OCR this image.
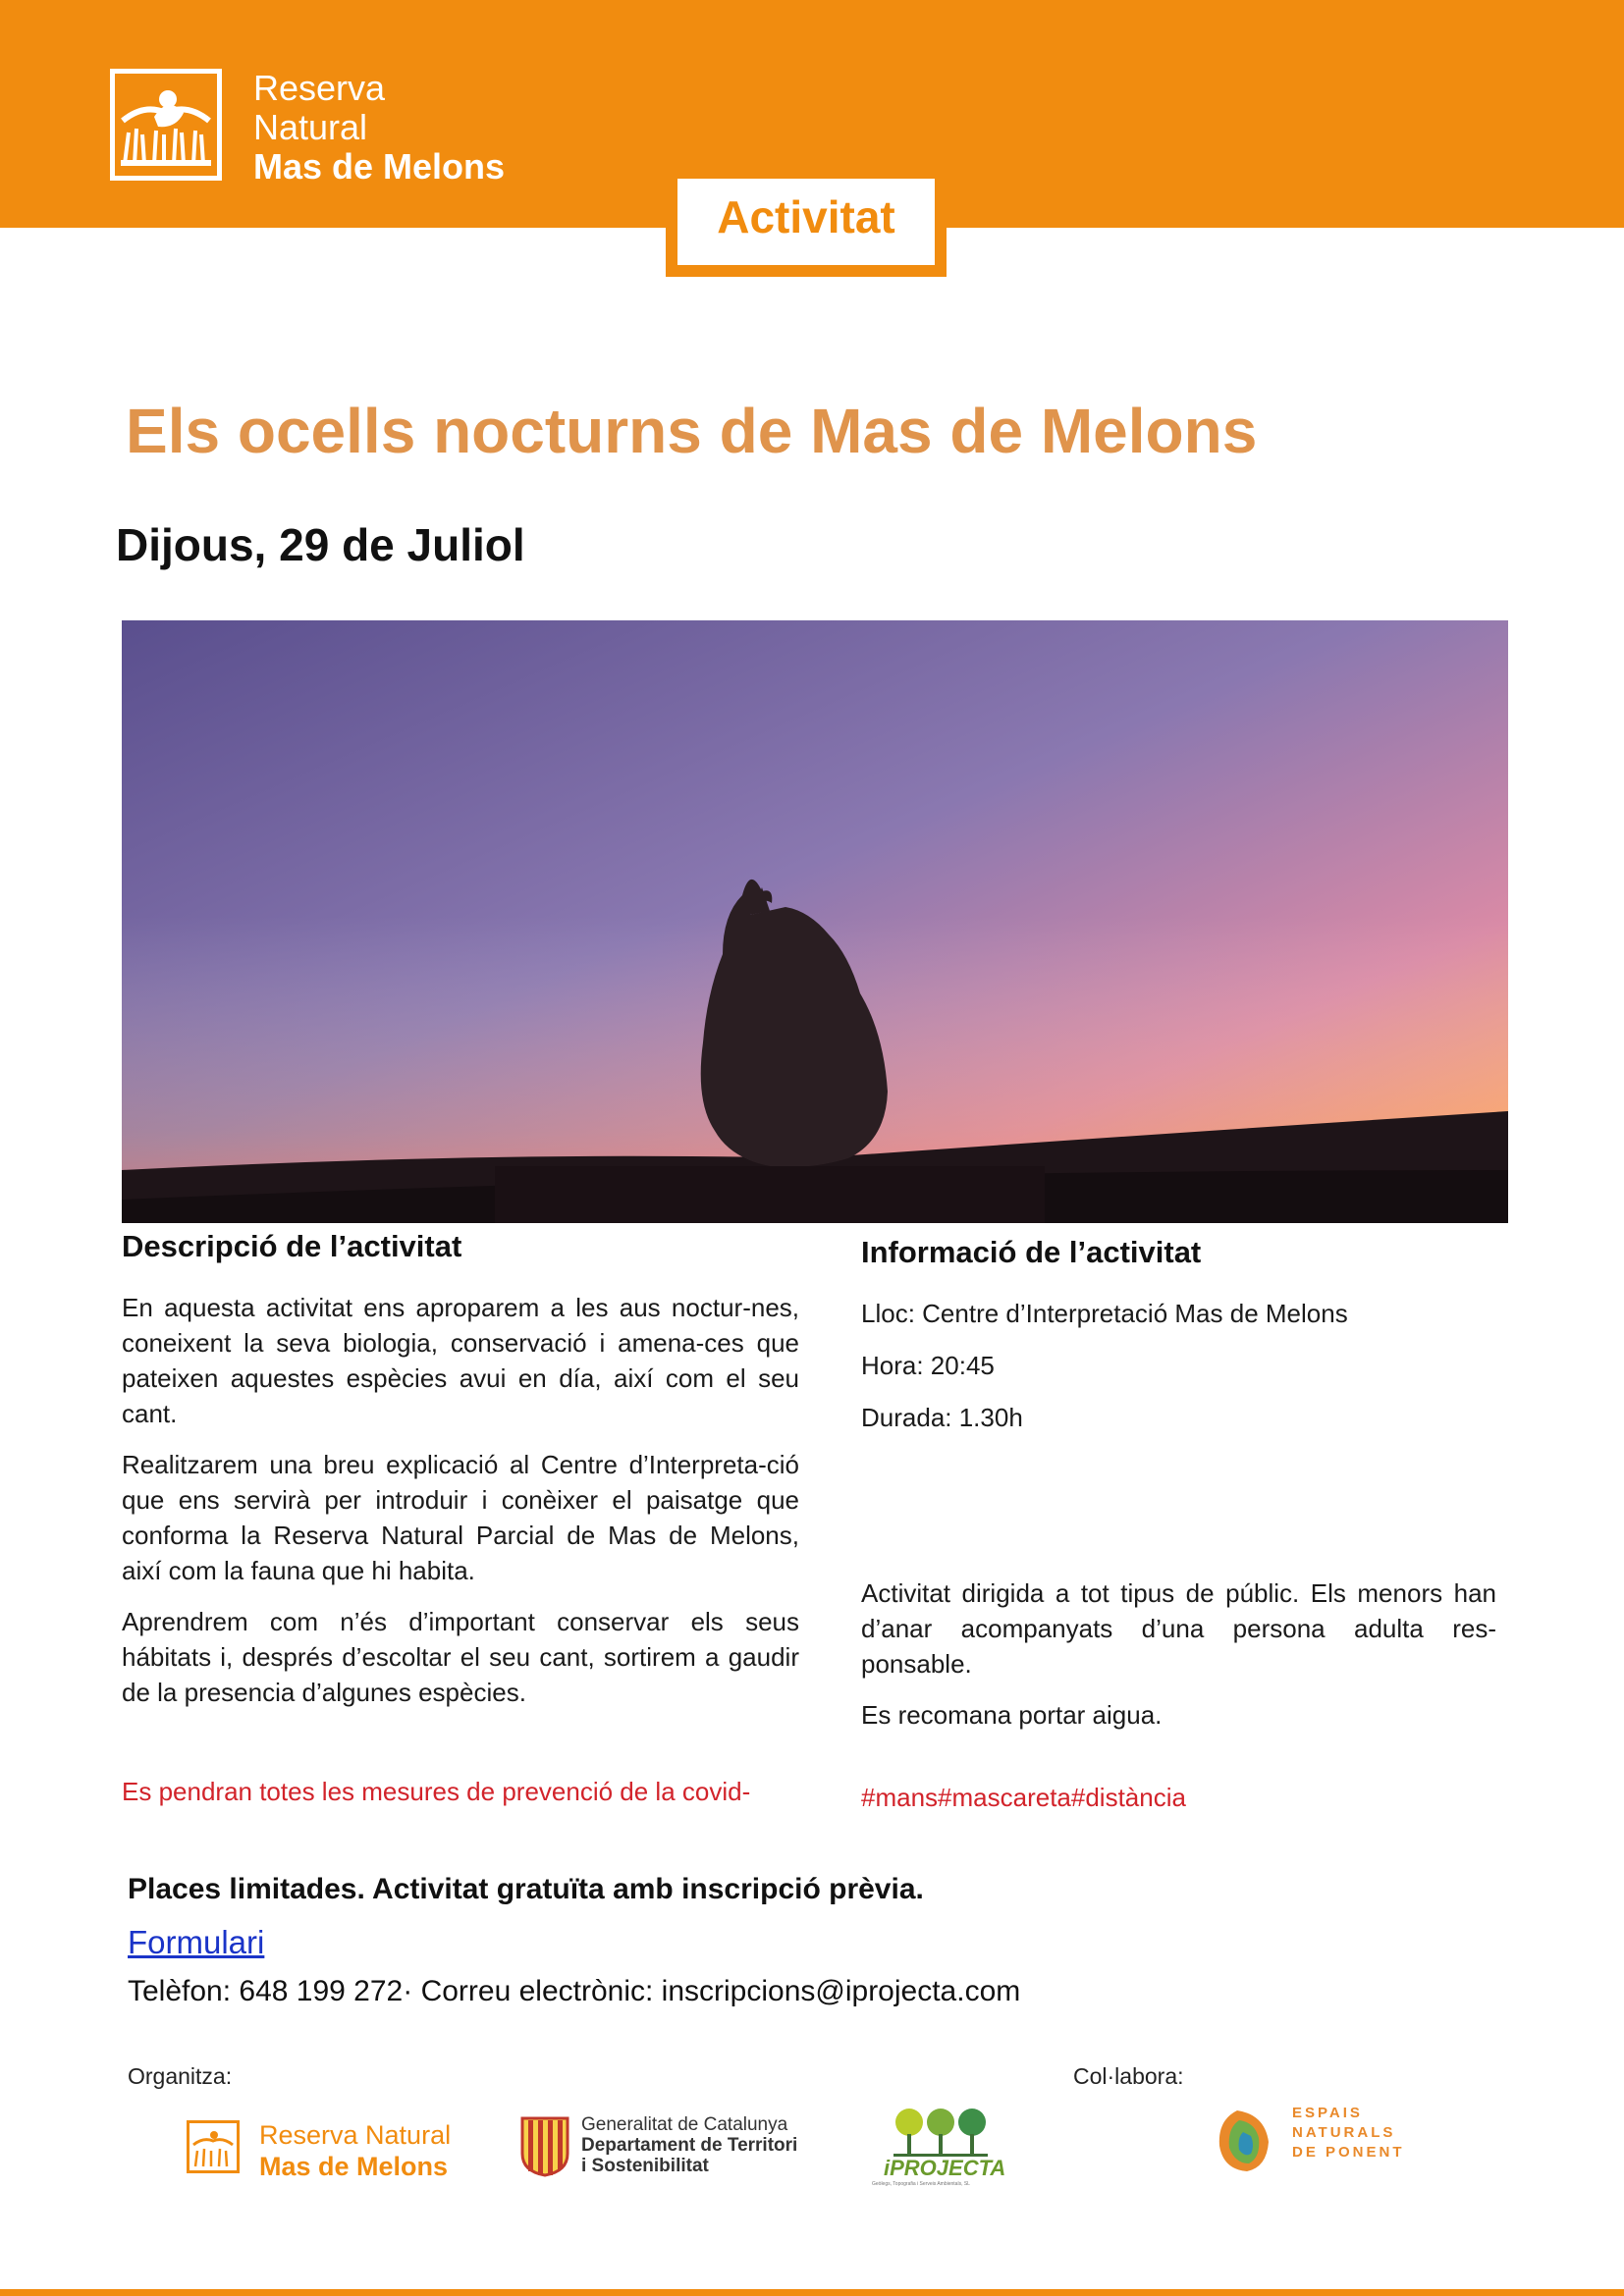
Reserva
Natural
Mas de Melons
Activitat
Els ocells nocturns de Mas de Melons
Dijous, 29 de Juliol
Descripció de l’activitat

En aquesta activitat ens aproparem a les aus noctur-nes, coneixent la seva biologia, conservació i amena-ces que pateixen aquestes espècies avui en día, així com el seu cant.

Realitzarem una breu explicació al Centre d’Interpreta-ció que ens servirà per introduir i conèixer el paisatge que conforma la Reserva Natural Parcial de Mas de Melons, així com la fauna que hi habita.

Aprendrem com n’és d’important conservar els seus hábitats i, després d’escoltar el seu cant, sortirem a gaudir de la presencia d’algunes espècies.

Informació de l’activitat
Lloc: Centre d’Interpretació Mas de Melons
Hora: 20:45
Durada: 1.30h

Activitat dirigida a tot tipus de públic. Els menors han d’anar acompanyats d’una persona adulta res-ponsable.

Es recomana portar aigua.
Es pendran totes les mesures de prevenció de la covid-	#mans#mascareta#distància
Places limitades. Activitat gratuïta amb inscripció prèvia.
Formulari
Telèfon: 648 199 272· Correu electrònic: inscripcions@iprojecta.com
Organitza:	Col·labora:
Reserva Natural
Mas de Melons
Generalitat de Catalunya
Departament de Territori
i Sostenibilitat	iPROJECTA
Geòlegs, Topografia i Serveis Ambientals, SL
ESPAIS
NATURALS
DE PONENT
